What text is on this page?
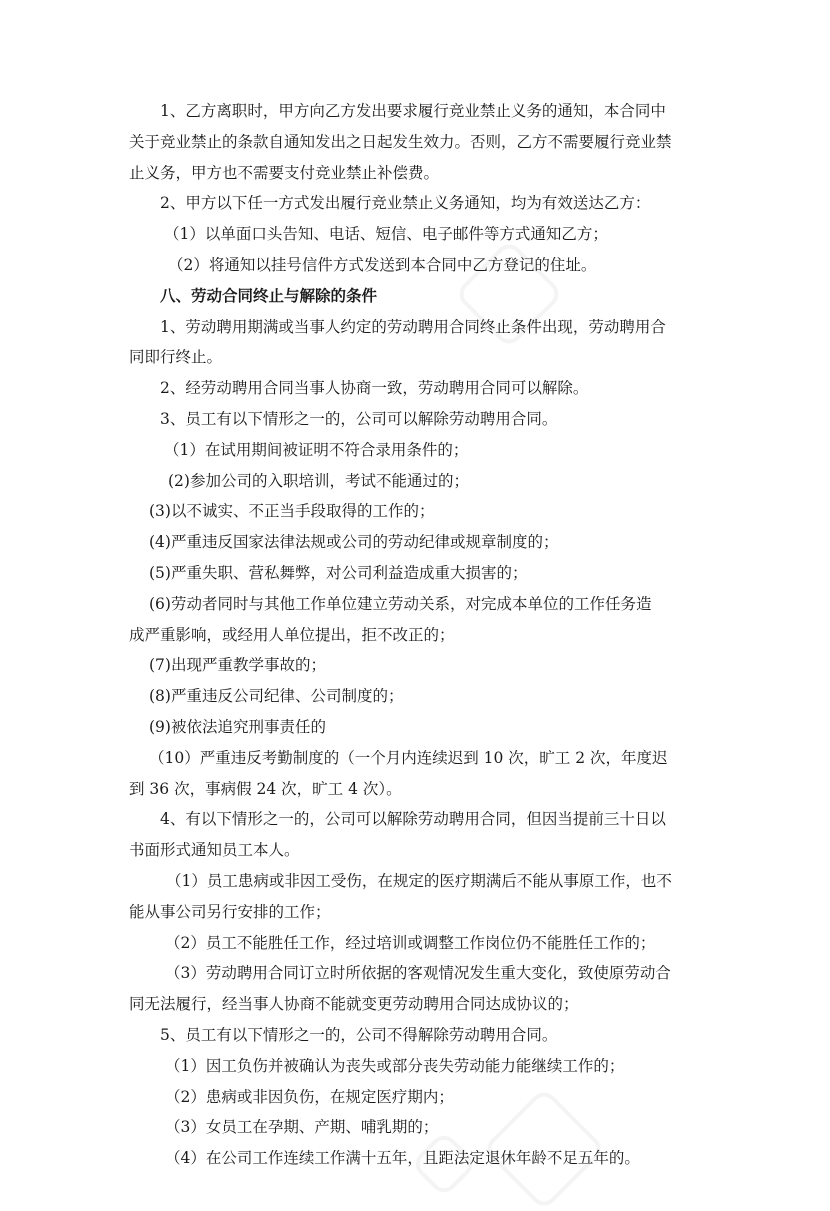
1、乙方离职时，甲方向乙方发出要求履行竞业禁止义务的通知，本合同中
关于竞业禁止的条款自通知发出之日起发生效力。否则，乙方不需要履行竞业禁
止义务，甲方也不需要支付竞业禁止补偿费。
2、甲方以下任一方式发出履行竞业禁止义务通知，均为有效送达乙方：
（1）以单面口头告知、电话、短信、电子邮件等方式通知乙方；
（2）将通知以挂号信件方式发送到本合同中乙方登记的住址。
八、劳动合同终止与解除的条件
1、劳动聘用期满或当事人约定的劳动聘用合同终止条件出现，劳动聘用合
同即行终止。
2、经劳动聘用合同当事人协商一致，劳动聘用合同可以解除。
3、员工有以下情形之一的，公司可以解除劳动聘用合同。
（1）在试用期间被证明不符合录用条件的；
(2)参加公司的入职培训，考试不能通过的；
(3)以不诚实、不正当手段取得的工作的；
(4)严重违反国家法律法规或公司的劳动纪律或规章制度的；
(5)严重失职、营私舞弊，对公司利益造成重大损害的；
(6)劳动者同时与其他工作单位建立劳动关系，对完成本单位的工作任务造
成严重影响，或经用人单位提出，拒不改正的；
(7)出现严重教学事故的；
(8)严重违反公司纪律、公司制度的；
(9)被依法追究刑事责任的
（10）严重违反考勤制度的（一个月内连续迟到 10 次，旷工 2 次，年度迟
到 36 次，事病假 24 次，旷工 4 次）。
4、有以下情形之一的，公司可以解除劳动聘用合同，但因当提前三十日以
书面形式通知员工本人。
（1）员工患病或非因工受伤，在规定的医疗期满后不能从事原工作，也不
能从事公司另行安排的工作；
（2）员工不能胜任工作，经过培训或调整工作岗位仍不能胜任工作的；
（3）劳动聘用合同订立时所依据的客观情况发生重大变化，致使原劳动合
同无法履行，经当事人协商不能就变更劳动聘用合同达成协议的；
5、员工有以下情形之一的，公司不得解除劳动聘用合同。
（1）因工负伤并被确认为丧失或部分丧失劳动能力能继续工作的；
（2）患病或非因负伤，在规定医疗期内；
（3）女员工在孕期、产期、哺乳期的；
（4）在公司工作连续工作满十五年，且距法定退休年龄不足五年的。
